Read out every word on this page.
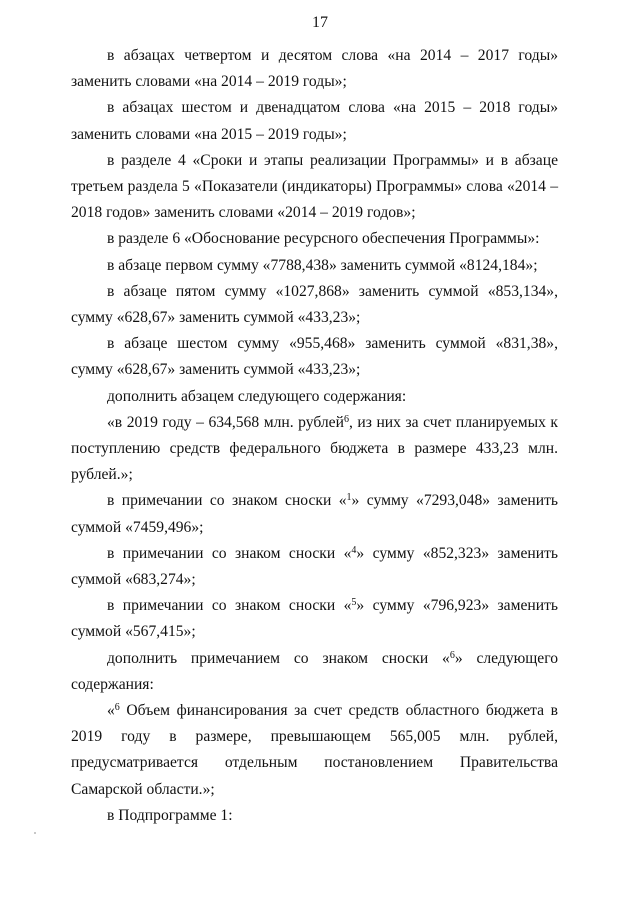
17

в абзацах четвертом и десятом слова «на 2014 – 2017 годы» заменить словами «на 2014 – 2019 годы»;

в абзацах шестом и двенадцатом слова «на 2015 – 2018 годы» заменить словами «на 2015 – 2019 годы»;

в разделе 4 «Сроки и этапы реализации Программы» и в абзаце третьем раздела 5 «Показатели (индикаторы) Программы» слова «2014 – 2018 годов» заменить словами «2014 – 2019 годов»;

в разделе 6 «Обоснование ресурсного обеспечения Программы»:

в абзаце первом сумму «7788,438» заменить суммой «8124,184»;

в абзаце пятом сумму «1027,868» заменить суммой «853,134», сумму «628,67» заменить суммой «433,23»;

в абзаце шестом сумму «955,468» заменить суммой «831,38», сумму «628,67» заменить суммой «433,23»;

дополнить абзацем следующего содержания:

«в 2019 году – 634,568 млн. рублей$^6$, из них за счет планируемых к поступлению средств федерального бюджета в размере 433,23 млн. рублей.»;

в примечании со знаком сноски «$^1$» сумму «7293,048» заменить суммой «7459,496»;

в примечании со знаком сноски «$^4$» сумму «852,323» заменить суммой «683,274»;

в примечании со знаком сноски «$^5$» сумму «796,923» заменить суммой «567,415»;

дополнить примечанием со знаком сноски «$^6$» следующего содержания:

«$^6$ Объем финансирования за счет средств областного бюджета в 2019 году в размере, превышающем 565,005 млн. рублей, предусматривается отдельным постановлением Правительства Самарской области.»;

в Подпрограмме 1:
